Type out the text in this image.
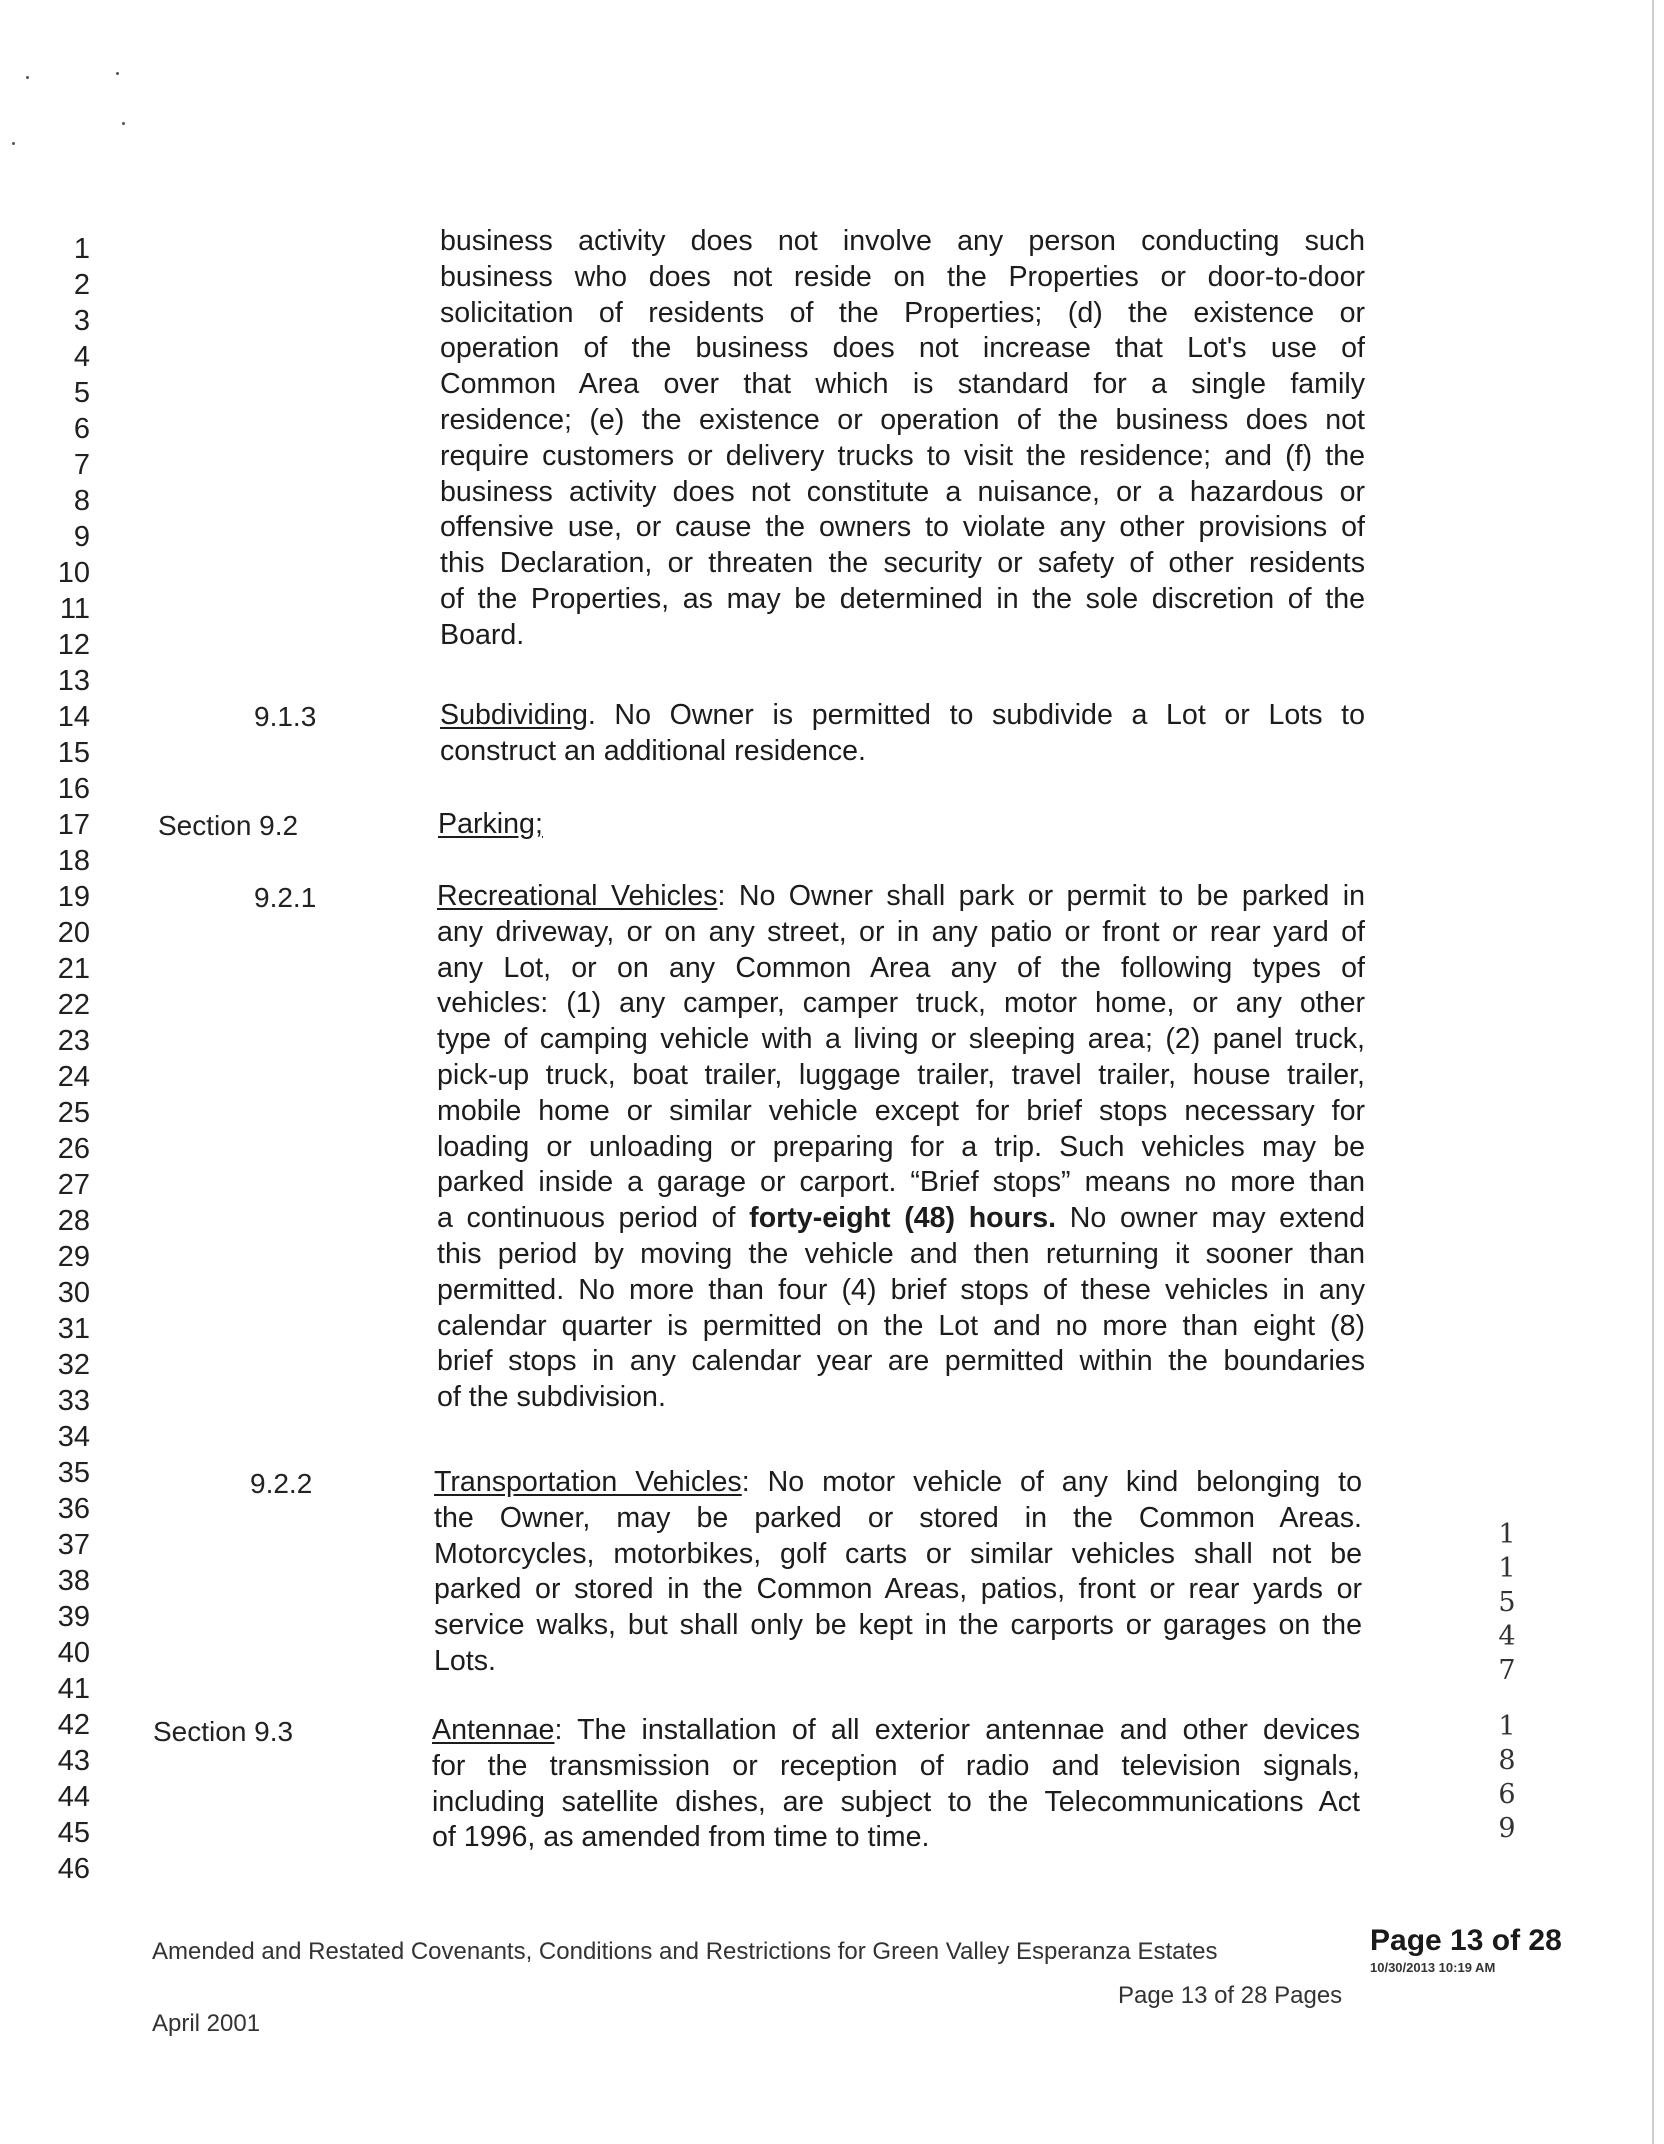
1
2
3
4
5
6
7
8
9
10
11
12
13
14
15
16
17
18
19
20
21
22
23
24
25
26
27
28
29
30
31
32
33
34
35
36
37
38
39
40
41
42
43
44
45
46
business activity does not involve any person conducting such
business who does not reside on the Properties or door-to-door
solicitation of residents of the Properties; (d) the existence or
operation of the business does not increase that Lot's use of
Common Area over that which is standard for a single family
residence; (e) the existence or operation of the business does not
require customers or delivery trucks to visit the residence; and (f) the
business activity does not constitute a nuisance, or a hazardous or
offensive use, or cause the owners to violate any other provisions of
this Declaration, or threaten the security or safety of other residents
of the Properties, as may be determined in the sole discretion of the
Board.
9.1.3	Subdividing. No Owner is permitted to subdivide a Lot or Lots to
construct an additional residence.
Section 9.2	Parking;
9.2.1	Recreational Vehicles: No Owner shall park or permit to be parked in
any driveway, or on any street, or in any patio or front or rear yard of
any Lot, or on any Common Area any of the following types of
vehicles: (1) any camper, camper truck, motor home, or any other
type of camping vehicle with a living or sleeping area; (2) panel truck,
pick-up truck, boat trailer, luggage trailer, travel trailer, house trailer,
mobile home or similar vehicle except for brief stops necessary for
loading or unloading or preparing for a trip. Such vehicles may be
parked inside a garage or carport. “Brief stops” means no more than
a continuous period of forty-eight (48) hours. No owner may extend
this period by moving the vehicle and then returning it sooner than
permitted. No more than four (4) brief stops of these vehicles in any
calendar quarter is permitted on the Lot and no more than eight (8)
brief stops in any calendar year are permitted within the boundaries
of the subdivision.
9.2.2	Transportation Vehicles: No motor vehicle of any kind belonging to
the Owner, may be parked or stored in the Common Areas.
Motorcycles, motorbikes, golf carts or similar vehicles shall not be
parked or stored in the Common Areas, patios, front or rear yards or
service walks, but shall only be kept in the carports or garages on the
Lots.
Section 9.3	Antennae: The installation of all exterior antennae and other devices
for the transmission or reception of radio and television signals,
including satellite dishes, are subject to the Telecommunications Act
of 1996, as amended from time to time.
1
1
5
4
7
1
8
6
9
Amended and Restated Covenants, Conditions and Restrictions for Green Valley Esperanza Estates
Page 13 of 28 Pages
April 2001
Page 13 of 28
10/30/2013 10:19 AM
